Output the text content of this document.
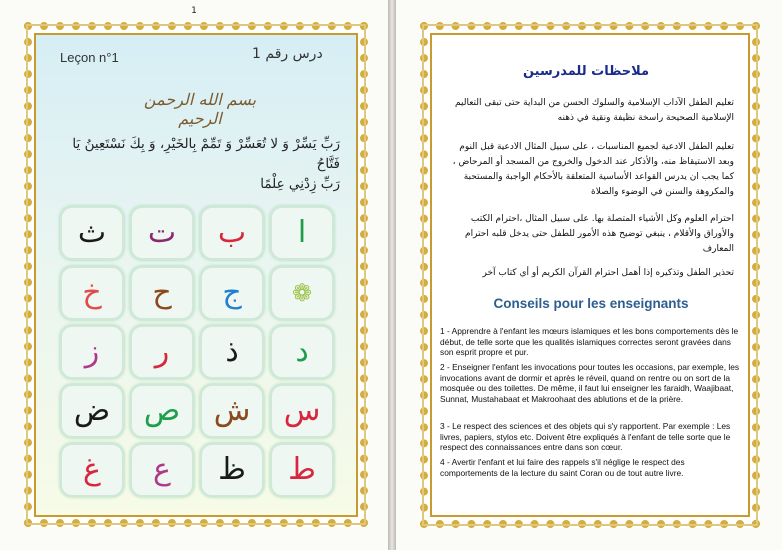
1
Leçon n°1	درس رقم 1
بسم الله الرحمن الرحيم
رَبِّ يَسِّرْ وَ لا تُعَسِّرْ وَ تَمِّمْ بِالخَيْرِ، وَ بِكَ نَسْتَعِينُ يَا فَتَّاحُ
رَبِّ زِدْنِي عِلْمًا
ا
ب
ت
ث
❁
ج
ح
خ
د
ذ
ر
ز
س
ش
ص
ض
ط
ظ
ع
غ
ملاحظات للمدرسين

تعليم الطفل الآداب الإسلامية والسلوك الحسن من البداية حتى تبقى التعاليم الإسلامية الصحيحة راسخة نظيفة ونقية في ذهنه

تعليم الطفل الادعية لجميع المناسبات ، على سبيل المثال الادعية قبل النوم وبعد الاستيقاظ منه، والأذكار عند الدخول والخروج من المسجد أو المرحاض ، كما يجب ان يدرس القواعد الأساسية المتعلقة بالأحكام الواجبة والمستحبة والمكروهة والسنن في الوضوء والصلاة

احترام العلوم وكل الأشياء المتصلة بها. على سبيل المثال ،احترام الكتب والأوراق والأقلام ، ينبغي توضيح هذه الأمور للطفل حتى يدخل قلبه احترام المعارف

تحذير الطفل وتذكيره إذا أهمل احترام القرآن الكريم أو أي كتاب آخر

Conseils pour les enseignants

1 - Apprendre à l'enfant les mœurs islamiques et les bons comportements dès le début, de telle sorte que les qualités islamiques correctes seront gravées dans son esprit propre et pur.

2 - Enseigner l'enfant les invocations pour toutes les occasions, par exemple, les invocations avant de dormir et après le réveil, quand on rentre ou on sort de la mosquée ou des toilettes. De même, il faut lui enseigner les faraidh, Waajibaat, Sunnat, Mustahabaat et Makroohaat des ablutions et de la prière.

3 - Le respect des sciences et des objets qui s'y rapportent. Par exemple : Les livres, papiers, stylos etc. Doivent être expliqués à l'enfant de telle sorte que le respect des connaissances entre dans son cœur.

4 - Avertir l'enfant et lui faire des rappels s'il néglige le respect des comportements de la lecture du saint Coran ou de tout autre livre.
